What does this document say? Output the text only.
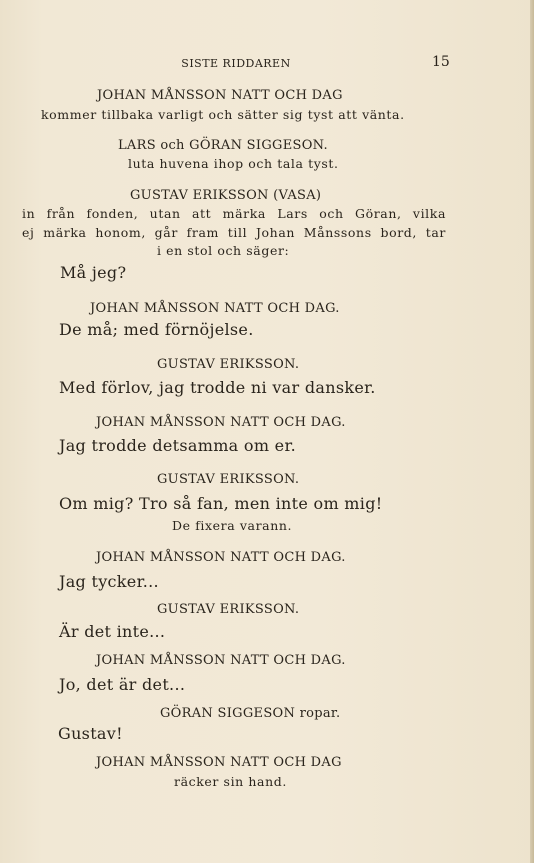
SISTE RIDDAREN	15
JOHAN MÅNSSON NATT OCH DAG
kommer tillbaka varligt och sätter sig tyst att vänta.
LARS och GÖRAN SIGGESON.
luta huvena ihop och tala tyst.
GUSTAV ERIKSSON (VASA)
in från fonden, utan att märka Lars och Göran, vilka
ej märka honom, går fram till Johan Månssons bord, tar
i en stol och säger:
Må jeg?
JOHAN MÅNSSON NATT OCH DAG.
De må; med förnöjelse.
GUSTAV ERIKSSON.
Med förlov, jag trodde ni var dansker.
JOHAN MÅNSSON NATT OCH DAG.
Jag trodde detsamma om er.
GUSTAV ERIKSSON.
Om mig? Tro så fan, men inte om mig!
De fixera varann.
JOHAN MÅNSSON NATT OCH DAG.
Jag tycker...
GUSTAV ERIKSSON.
Är det inte...
JOHAN MÅNSSON NATT OCH DAG.
Jo, det är det...
GÖRAN SIGGESON ropar.
Gustav!
JOHAN MÅNSSON NATT OCH DAG
räcker sin hand.
